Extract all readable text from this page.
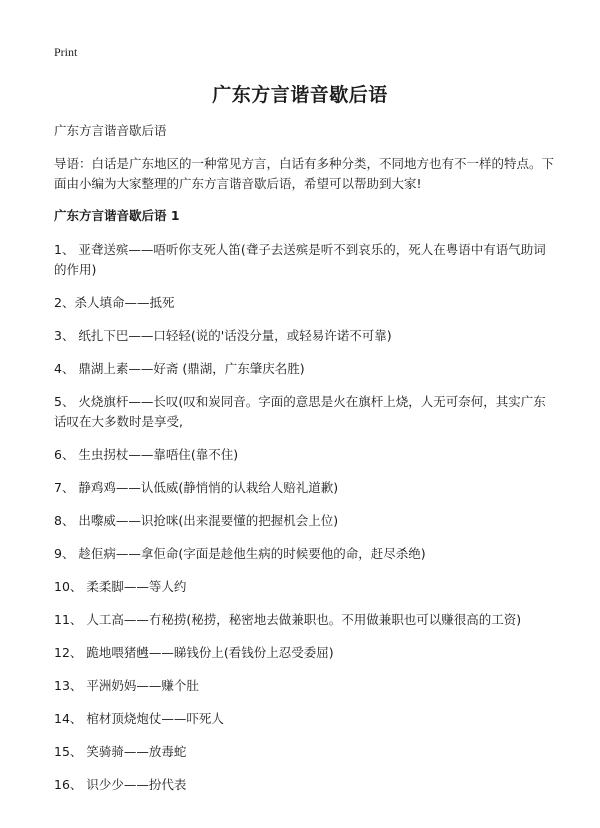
Print
广东方言谐音歇后语
广东方言谐音歇后语
导语：白话是广东地区的一种常见方言，白话有多种分类，不同地方也有不一样的特点。下面由小编为大家整理的广东方言谐音歇后语，希望可以帮助到大家!
广东方言谐音歇后语 1
1、 亚聋送殡——唔听你支死人笛(聋子去送殡是听不到哀乐的，死人在粤语中有语气助词的作用)
2、杀人填命——抵死
3、 纸扎下巴——口轻轻(说的'话没分量，或轻易许诺不可靠)
4、 鼎湖上素——好斋 (鼎湖，广东肇庆名胜)
5、 火烧旗杆——长叹(叹和炭同音。字面的意思是火在旗杆上烧，人无可奈何，其实广东话叹在大多数时是享受,
6、 生虫拐杖——靠唔住(靠不住)
7、 静鸡鸡——认低威(静悄悄的认栽给人赔礼道歉)
8、 出嚟威——识抢咪(出来混要懂的把握机会上位)
9、 趁佢病——拿佢命(字面是趁他生病的时候要他的命，赶尽杀绝)
10、 柔柔脚——等人约
11、 人工高——冇秘捞(秘捞，秘密地去做兼职也。不用做兼职也可以赚很高的工资)
12、 跪地喂猪乸——睇钱份上(看钱份上忍受委屈)
13、 平洲奶妈——赚个肚
14、 棺材顶烧炮仗——吓死人
15、 笑骑骑——放毒蛇
16、 识少少——扮代表
